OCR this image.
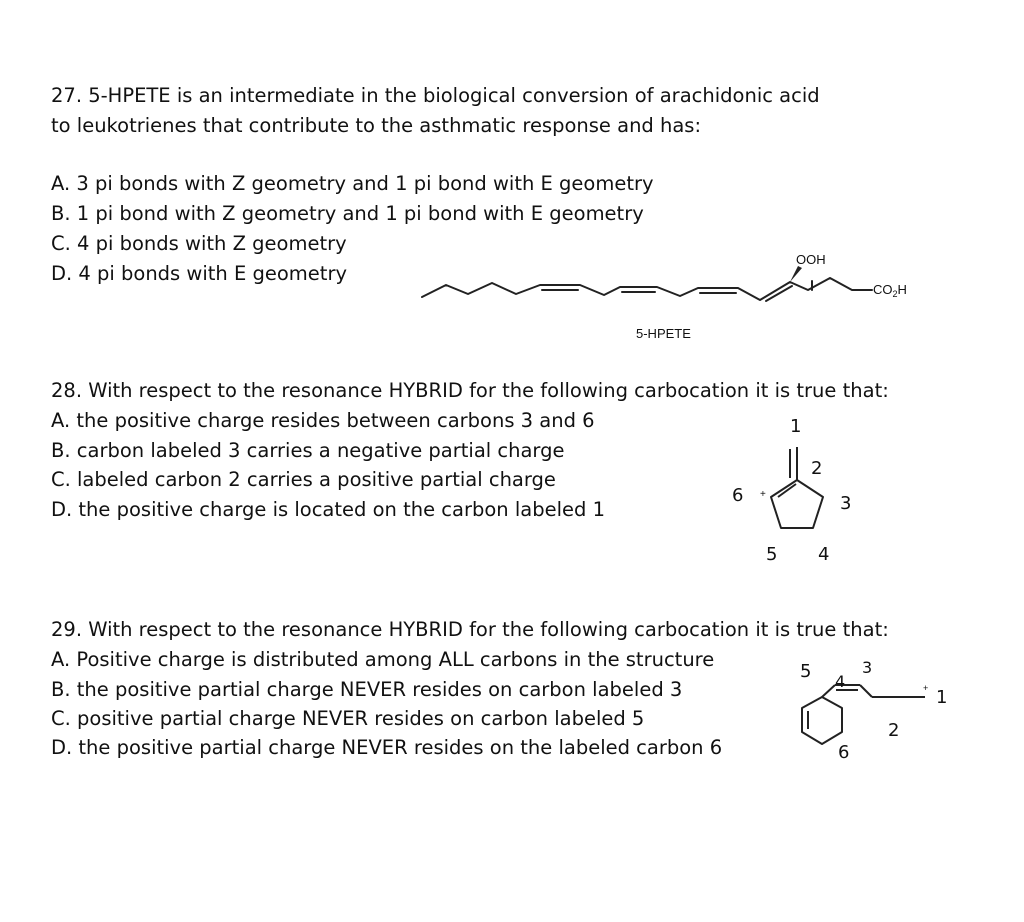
27. 5-HPETE is an intermediate in the biological conversion of arachidonic acid
to leukotrienes that contribute to the asthmatic response and has:
A. 3 pi bonds with Z geometry and 1 pi bond with E geometry
B. 1 pi bond with Z geometry and 1 pi bond with E geometry
C. 4 pi bonds with Z geometry
D. 4 pi bonds with E geometry
OOH
$CO_2H$
5-HPETE
28. With respect to the resonance HYBRID for the following carbocation it is true that:
A. the positive charge resides between carbons 3 and 6
B. carbon labeled 3 carries a negative partial charge
C. labeled carbon 2 carries a positive partial charge
D. the positive charge is located on the carbon labeled 1
1
2
3
4
5
6 +
29. With respect to the resonance HYBRID for the following carbocation it is true that:
A. Positive charge is distributed among ALL carbons in the structure
B. the positive partial charge NEVER resides on carbon labeled 3
C. positive partial charge NEVER resides on carbon labeled 5
D. the positive partial charge NEVER resides on the labeled carbon 6
5 4
3
+ 1
2
6
